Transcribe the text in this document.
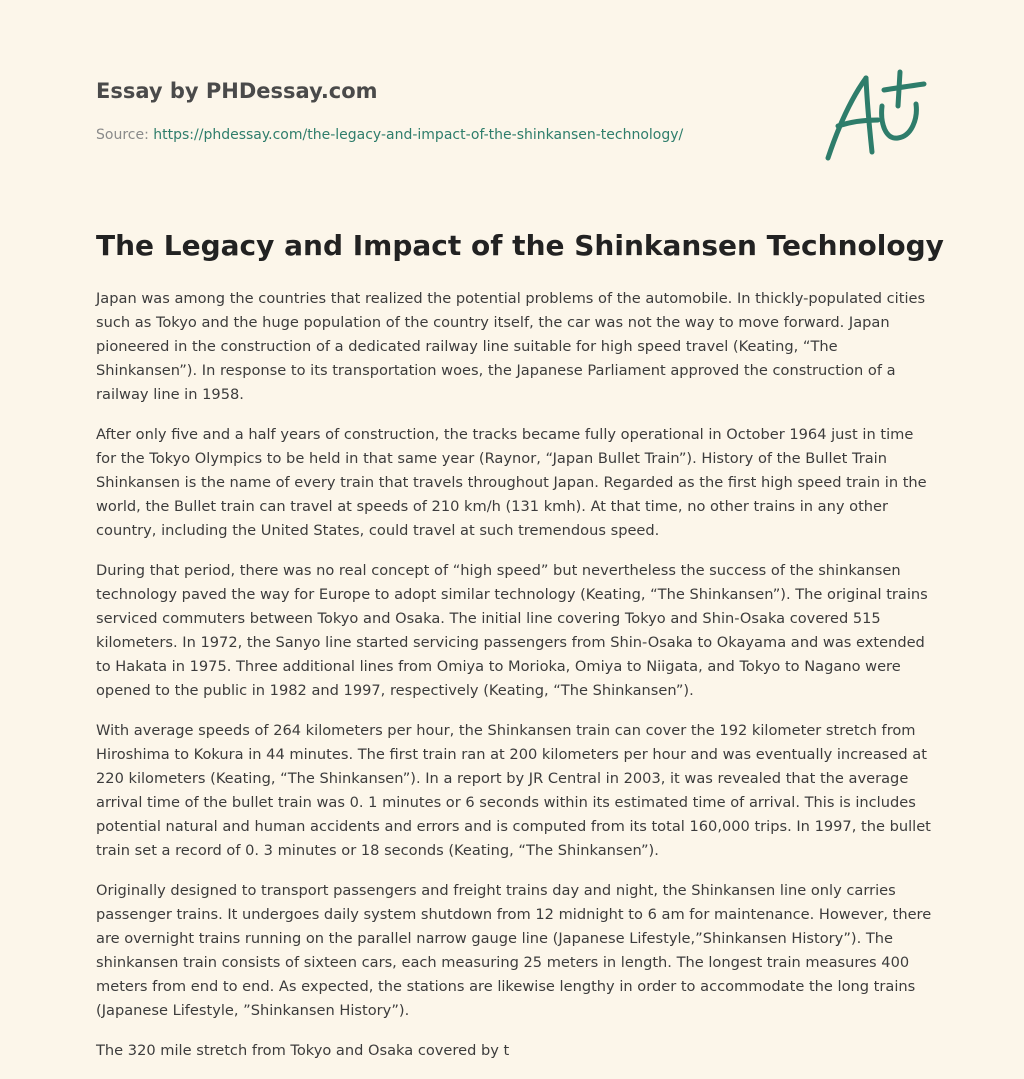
Essay by PHDessay.com
Source: https://phdessay.com/the-legacy-and-impact-of-the-shinkansen-technology/
The Legacy and Impact of the Shinkansen Technology

Japan was among the countries that realized the potential problems of the automobile. In thickly-populated cities such as Tokyo and the huge population of the country itself, the car was not the way to move forward. Japan pioneered in the construction of a dedicated railway line suitable for high speed travel (Keating, “The Shinkansen”). In response to its transportation woes, the Japanese Parliament approved the construction of a railway line in 1958.

After only five and a half years of construction, the tracks became fully operational in October 1964 just in time for the Tokyo Olympics to be held in that same year (Raynor, “Japan Bullet Train”). History of the Bullet Train Shinkansen is the name of every train that travels throughout Japan. Regarded as the first high speed train in the world, the Bullet train can travel at speeds of 210 km/h (131 kmh). At that time, no other trains in any other country, including the United States, could travel at such tremendous speed.

During that period, there was no real concept of “high speed” but nevertheless the success of the shinkansen technology paved the way for Europe to adopt similar technology (Keating, “The Shinkansen”). The original trains serviced commuters between Tokyo and Osaka. The initial line covering Tokyo and Shin-Osaka covered 515 kilometers. In 1972, the Sanyo line started servicing passengers from Shin-Osaka to Okayama and was extended to Hakata in 1975. Three additional lines from Omiya to Morioka, Omiya to Niigata, and Tokyo to Nagano were opened to the public in 1982 and 1997, respectively (Keating, “The Shinkansen”).

With average speeds of 264 kilometers per hour, the Shinkansen train can cover the 192 kilometer stretch from Hiroshima to Kokura in 44 minutes. The first train ran at 200 kilometers per hour and was eventually increased at 220 kilometers (Keating, “The Shinkansen”). In a report by JR Central in 2003, it was revealed that the average arrival time of the bullet train was 0. 1 minutes or 6 seconds within its estimated time of arrival. This is includes potential natural and human accidents and errors and is computed from its total 160,000 trips. In 1997, the bullet train set a record of 0. 3 minutes or 18 seconds (Keating, “The Shinkansen”).

Originally designed to transport passengers and freight trains day and night, the Shinkansen line only carries passenger trains. It undergoes daily system shutdown from 12 midnight to 6 am for maintenance. However, there are overnight trains running on the parallel narrow gauge line (Japanese Lifestyle,”Shinkansen History”). The shinkansen train consists of sixteen cars, each measuring 25 meters in length. The longest train measures 400 meters from end to end. As expected, the stations are likewise lengthy in order to accommodate the long trains (Japanese Lifestyle, ”Shinkansen History”).

The 320 mile stretch from Tokyo and Osaka covered by t
